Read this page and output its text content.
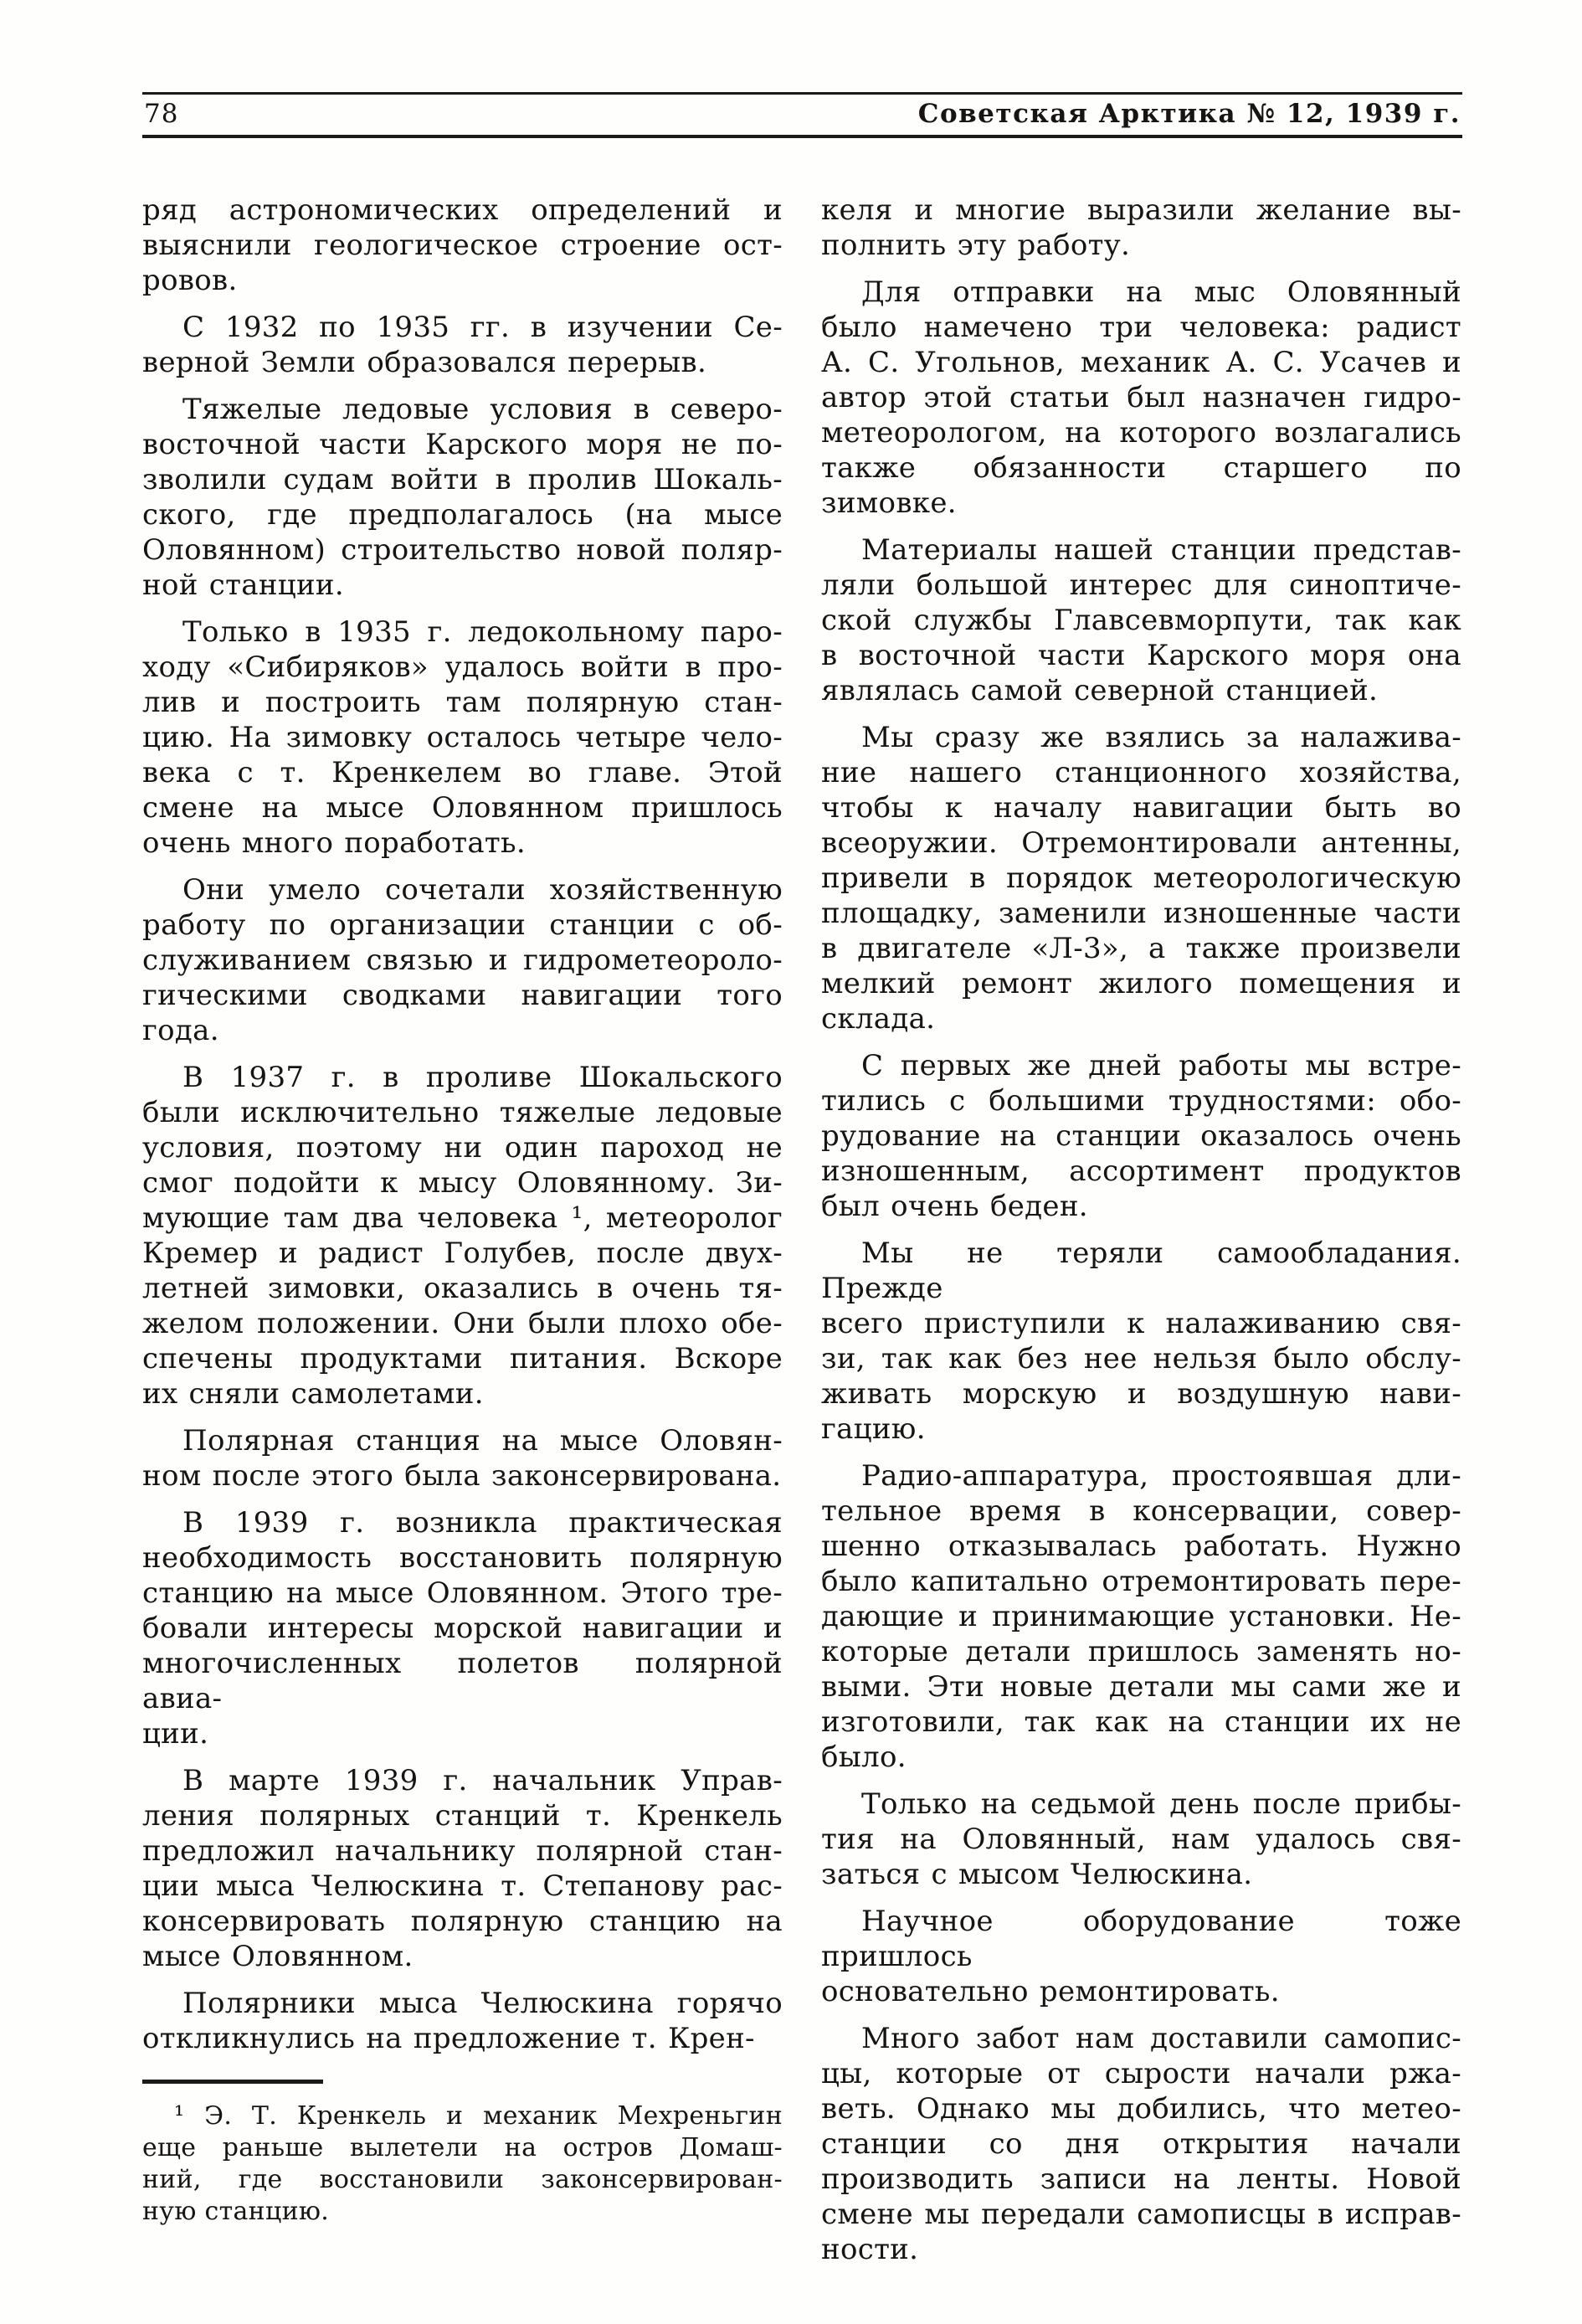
78	Советская Арктика № 12, 1939 г.

ряд астрономических определений и
выяснили геологическое строение ост-
ровов.

С 1932 по 1935 гг. в изучении Се-
верной Земли образовался перерыв.

Тяжелые ледовые условия в северо-
восточной части Карского моря не по-
зволили судам войти в пролив Шокаль-
ского, где предполагалось (на мысе
Оловянном) строительство новой поляр-
ной станции.

Только в 1935 г. ледокольному паро-
ходу «Сибиряков» удалось войти в про-
лив и построить там полярную стан-
цию. На зимовку осталось четыре чело-
века с т. Кренкелем во главе. Этой
смене на мысе Оловянном пришлось
очень много поработать.

Они умело сочетали хозяйственную
работу по организации станции с об-
служиванием связью и гидрометеороло-
гическими сводками навигации того
года.

В 1937 г. в проливе Шокальского
были исключительно тяжелые ледовые
условия, поэтому ни один пароход не
смог подойти к мысу Оловянному. Зи-
мующие там два человека ¹, метеоролог
Кремер и радист Голубев, после двух-
летней зимовки, оказались в очень тя-
желом положении. Они были плохо обе-
спечены продуктами питания. Вскоре
их сняли самолетами.

Полярная станция на мысе Оловян-
ном после этого была законсервирована.

В 1939 г. возникла практическая
необходимость восстановить полярную
станцию на мысе Оловянном. Этого тре-
бовали интересы морской навигации и
многочисленных полетов полярной авиа-
ции.

В марте 1939 г. начальник Управ-
ления полярных станций т. Кренкель
предложил начальнику полярной стан-
ции мыса Челюскина т. Степанову рас-
консервировать полярную станцию на
мысе Оловянном.

Полярники мыса Челюскина горячо
откликнулись на предложение т. Крен-

¹ Э. Т. Кренкель и механик Мехреньгин
еще раньше вылетели на остров Домаш-
ний, где восстановили законсервирован-
ную станцию.

келя и многие выразили желание вы-
полнить эту работу.

Для отправки на мыс Оловянный
было намечено три человека: радист
А. С. Угольнов, механик А. С. Усачев и
автор этой статьи был назначен гидро-
метеорологом, на которого возлагались
также обязанности старшего по зимовке.

Материалы нашей станции представ-
ляли большой интерес для синоптиче-
ской службы Главсевморпути, так как
в восточной части Карского моря она
являлась самой северной станцией.

Мы сразу же взялись за налажива-
ние нашего станционного хозяйства,
чтобы к началу навигации быть во
всеоружии. Отремонтировали антенны,
привели в порядок метеорологическую
площадку, заменили изношенные части
в двигателе «Л-3», а также произвели
мелкий ремонт жилого помещения и
склада.

С первых же дней работы мы встре-
тились с большими трудностями: обо-
рудование на станции оказалось очень
изношенным, ассортимент продуктов
был очень беден.

Мы не теряли самообладания. Прежде
всего приступили к налаживанию свя-
зи, так как без нее нельзя было обслу-
живать морскую и воздушную нави-
гацию.

Радио-аппаратура, простоявшая дли-
тельное время в консервации, совер-
шенно отказывалась работать. Нужно
было капитально отремонтировать пере-
дающие и принимающие установки. Не-
которые детали пришлось заменять но-
выми. Эти новые детали мы сами же и
изготовили, так как на станции их не
было.

Только на седьмой день после прибы-
тия на Оловянный, нам удалось свя-
заться с мысом Челюскина.

Научное оборудование тоже пришлось
основательно ремонтировать.

Много забот нам доставили самопис-
цы, которые от сырости начали ржа-
веть. Однако мы добились, что метео-
станции со дня открытия начали
производить записи на ленты. Новой
смене мы передали самописцы в исправ-
ности.
